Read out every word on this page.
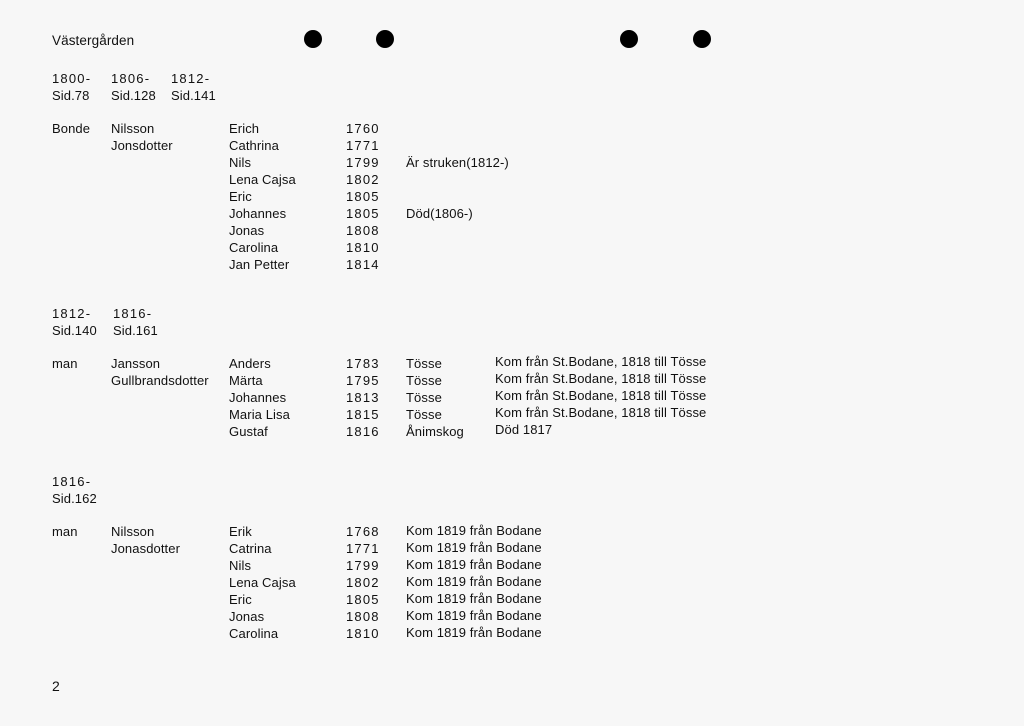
Västergården
1800-
Sid.78
1806-
Sid.128
1812-
Sid.141
Bonde Nilsson
Jonsdotter
Erich
Cathrina
Nils
Lena Cajsa
Eric
Johannes
Jonas
Carolina
Jan Petter
1760
1771
1799
1802
1805
1805
1808
1810
1814
Är struken(1812-)
Död(1806-)
1812-
Sid.140
1816-
Sid.161
man	Jansson
Gullbrandsdotter
Anders
Märta
Johannes
Maria Lisa
Gustaf
1783
1795
1813
1815
1816
Tösse
Tösse
Tösse
Tösse
Ånimskog
Kom från St.Bodane, 1818 till Tösse
Kom från St.Bodane, 1818 till Tösse
Kom från St.Bodane, 1818 till Tösse
Kom från St.Bodane, 1818 till Tösse
Död 1817
1816-
Sid.162
man	Nilsson
Jonasdotter
Erik
Catrina
Nils
Lena Cajsa
Eric
Jonas
Carolina
1768
1771
1799
1802
1805
1808
1810
Kom 1819 från Bodane
Kom 1819 från Bodane
Kom 1819 från Bodane
Kom 1819 från Bodane
Kom 1819 från Bodane
Kom 1819 från Bodane
Kom 1819 från Bodane
2
